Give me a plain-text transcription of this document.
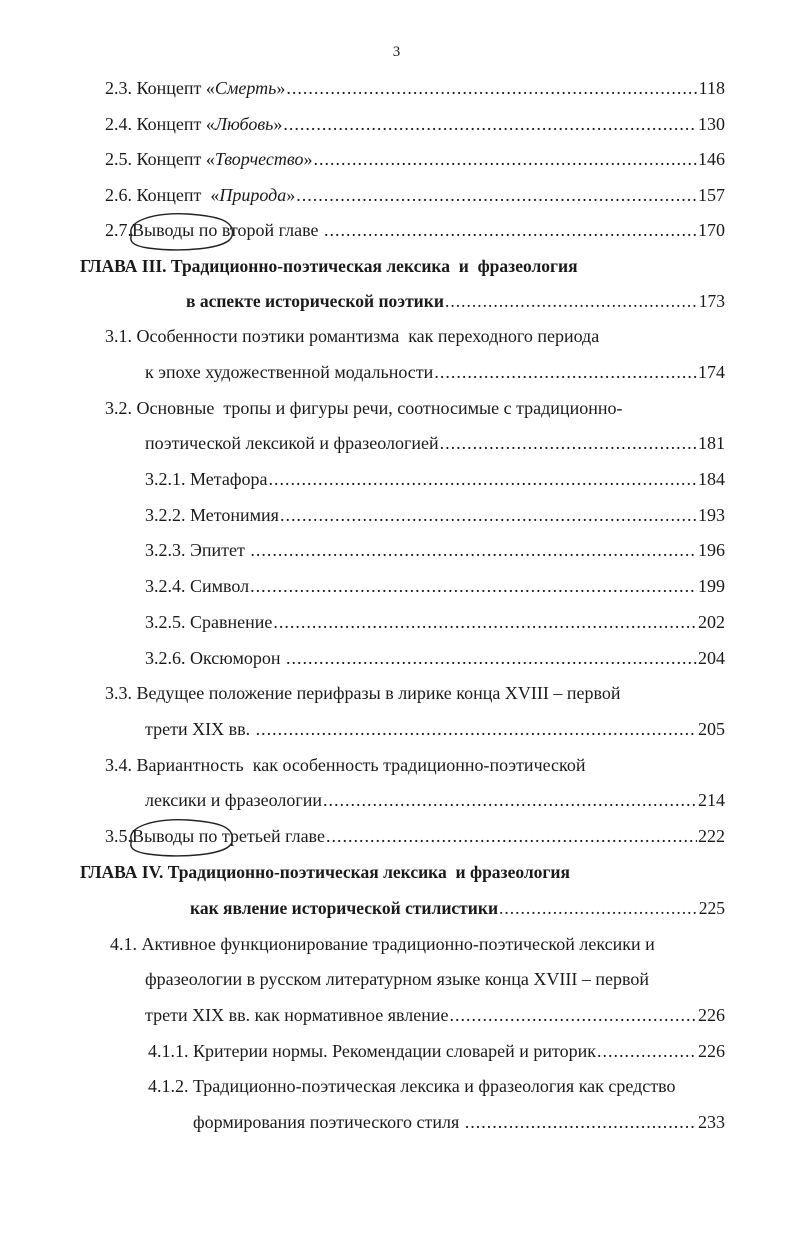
3
2.3. Концепт « Смерть » .....	118
2.4. Концепт « Любовь » .....	130
2.5. Концепт « Творчество » .....	146
2.6. Концепт  « Природа » .....	157
2.7.Выводы по второй главе .....	170
ГЛАВА III. Традиционно-поэтическая лексика  и  фразеология
в аспекте исторической поэтики .....	173
3.1. Особенности поэтики романтизма  как переходного периода
к эпохе художественной модальности .....	174
3.2. Основные  тропы и фигуры речи, соотносимые с традиционно-
поэтической лексикой и фразеологией .....	181
3.2.1. Метафора .....	184
3.2.2. Метонимия .....	193
3.2.3. Эпитет .....	196
3.2.4. Символ .....	199
3.2.5. Сравнение .....	202
3.2.6. Оксюморон .....	204
3.3. Ведущее положение перифразы в лирике конца XVIII – первой
трети XIX вв. .....	205
3.4. Вариантность  как особенность традиционно-поэтической
лексики и фразеологии .....	214
3.5.Выводы по третьей главе .....	222
ГЛАВА IV. Традиционно-поэтическая лексика  и фразеология
как явление исторической стилистики .....	225
4.1. Активное функционирование традиционно-поэтической лексики и
фразеологии в русском литературном языке конца XVIII – первой
трети XIX вв. как нормативное явление .....	226
4.1.1. Критерии нормы. Рекомендации словарей и риторик .....	226
4.1.2. Традиционно-поэтическая лексика и фразеология как средство
формирования поэтического стиля .....	233
